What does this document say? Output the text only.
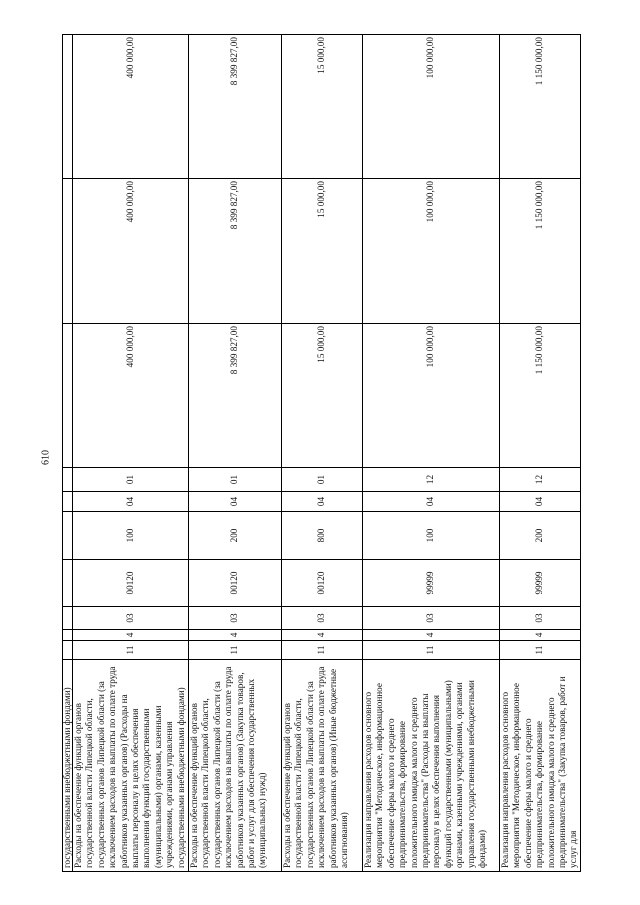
610
государственными внебюджетными фондами)										
Расходы на обеспечение функций органов государственной власти Липецкой области, государственных органов Липецкой области (за исключением расходов на выплаты по оплате труда работников указанных органов) (Расходы на выплаты персоналу в целях обеспечения выполнения функций государственными (муниципальными) органами, казенными учреждениями, органами управления государственными внебюджетными фондами)	11	4	03	00120	100	04	01	400 000,00	400 000,00	400 000,00
Расходы на обеспечение функций органов государственной власти Липецкой области, государственных органов Липецкой области (за исключением расходов на выплаты по оплате труда работников указанных органов) (Закупка товаров, работ и услуг для обеспечения государственных (муниципальных) нужд)	11	4	03	00120	200	04	01	8 399 827,00	8 399 827,00	8 399 827,00
Расходы на обеспечение функций органов государственной власти Липецкой области, государственных органов Липецкой области (за исключением расходов на выплаты по оплате труда работников указанных органов) (Иные бюджетные ассигнования)	11	4	03	00120	800	04	01	15 000,00	15 000,00	15 000,00
Реализация направления расходов основного мероприятия "Методическое, информационное обеспечение сферы малого и среднего предпринимательства, формирование положительного имиджа малого и среднего предпринимательства" (Расходы на выплаты персоналу в целях обеспечения выполнения функций государственными (муниципальными) органами, казенными учреждениями, органами управления государственными внебюджетными фондами)	11	4	03	99999	100	04	12	100 000,00	100 000,00	100 000,00
Реализация направления расходов основного мероприятия "Методическое, информационное обеспечение сферы малого и среднего предпринимательства, формирование положительного имиджа малого и среднего предпринимательства" (Закупка товаров, работ и услуг для	11	4	03	99999	200	04	12	1 150 000,00	1 150 000,00	1 150 000,00
